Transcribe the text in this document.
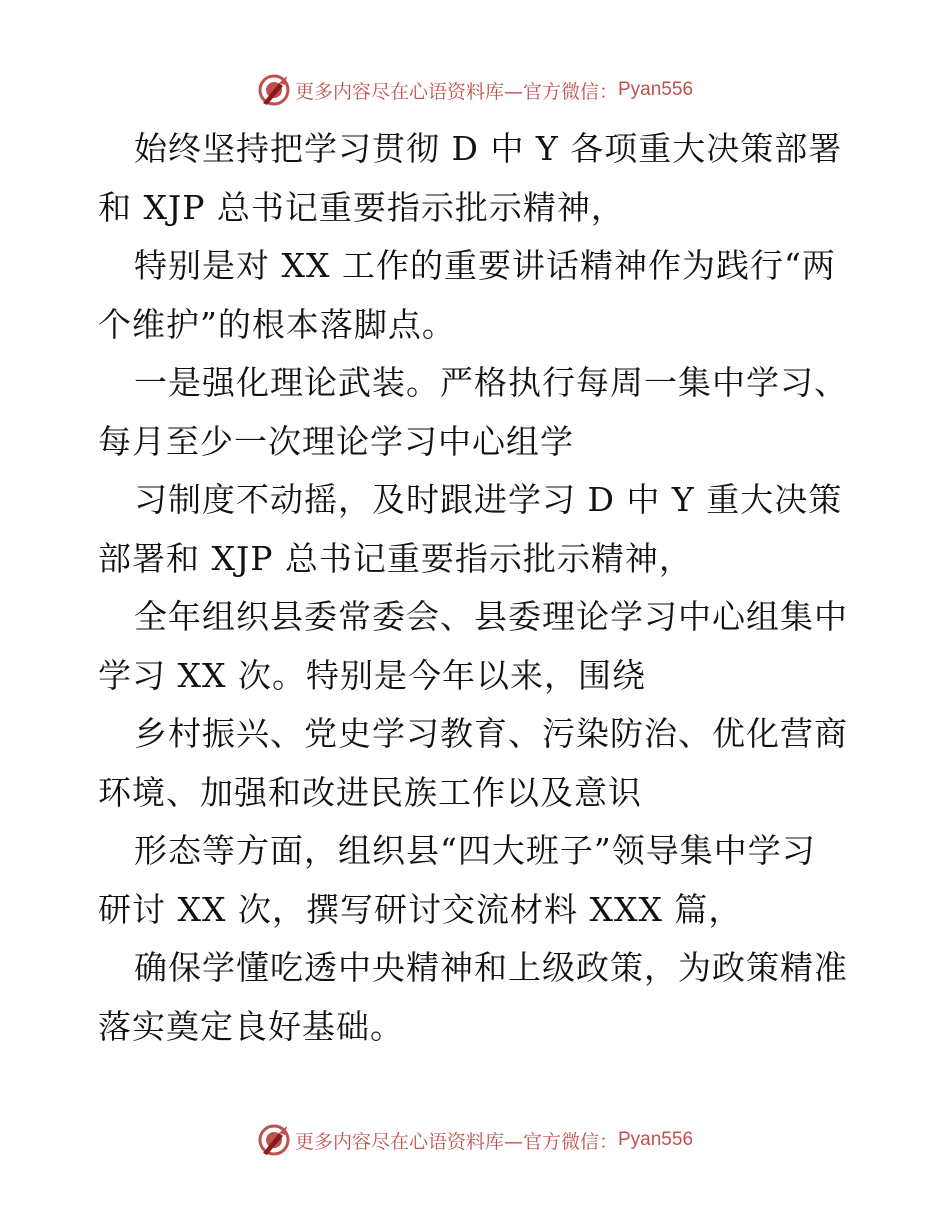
更多内容尽在心语资料库—官方微信： Pyan556
始终坚持把学习贯彻 D 中 Y 各项重大决策部署
和 XJP 总书记重要指示批示精神，
特别是对 XX 工作的重要讲话精神作为践行“两
个维护”的根本落脚点。
一是强化理论武装。严格执行每周一集中学习、
每月至少一次理论学习中心组学
习制度不动摇，及时跟进学习 D 中 Y 重大决策
部署和 XJP 总书记重要指示批示精神，
全年组织县委常委会、县委理论学习中心组集中
学习 XX 次。特别是今年以来，围绕
乡村振兴、党史学习教育、污染防治、优化营商
环境、加强和改进民族工作以及意识
形态等方面，组织县“四大班子”领导集中学习
研讨 XX 次，撰写研讨交流材料 XXX 篇，
确保学懂吃透中央精神和上级政策，为政策精准
落实奠定良好基础。
更多内容尽在心语资料库—官方微信： Pyan556
